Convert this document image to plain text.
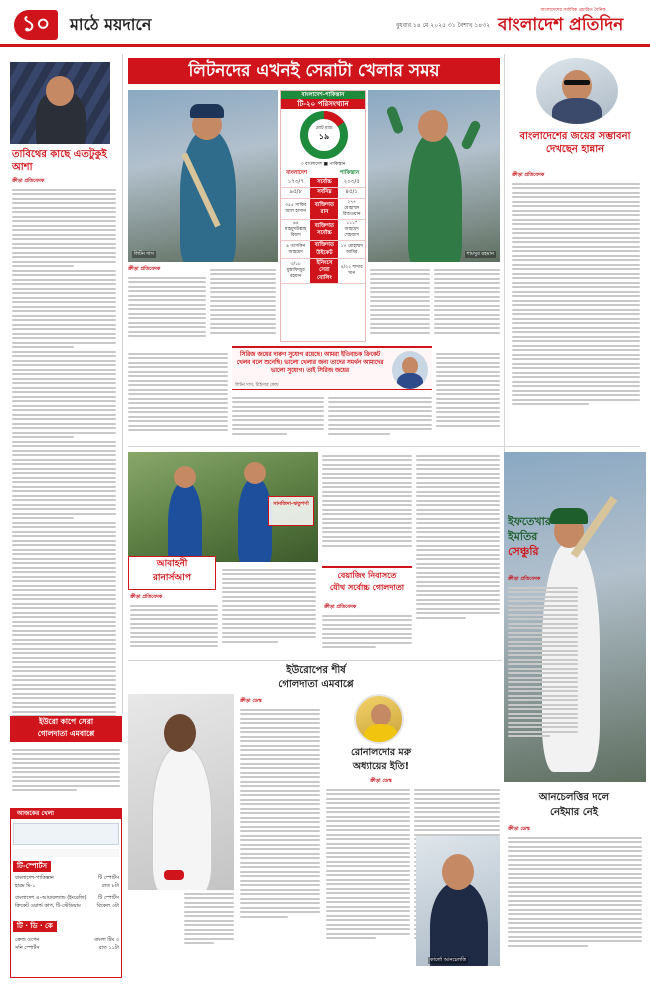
১০	মাঠে ময়দানে	বুধবার ১৪ মে ২০২৫ ৩১ বৈশাখ ১৪৩২
বাংলাদেশের সর্বাধিক প্রচারিত দৈনিক
বাংলাদেশ প্রতিদিন
তাবিথের কাছে এতটুকুই আশা
ক্রীড়া প্রতিবেদক
লিটনদের এখনই সেরাটা খেলার সময়
লিটন দাস
বাংলাদেশ-পাকিস্তান
টি-২০ পরিসংখ্যান
মোট ম্যাচ
১৯
৩ বাংলাদেশ ■ পাকিস্তান
বাংলাদেশ	পাকিস্তান
১৭৩/৭	সর্বোচ্চ	২০৩/৫
৯৫/৮	সর্বনিম্ন	৪৫/১
৩৫৫ সাকিব আল হাসান	ব্যক্তিগত রান	২৭৭ মোহাম্মদ রিজওয়ান
৬৪ মাহমুদউল্লাহ রিয়াদ	ব্যক্তিগত সর্বোচ্চ	১১১* আহমেদ শেহজাদ
৯ তাসকিন আহমেদ	ব্যক্তিগত উইকেট	১০ মোহাম্মদ আমির
৩/১৮ মুস্তাফিজুর রহমান	ইনিংসে সেরা বোলিং	৪/২২ শাদাব খান
শামসুর রহমান
ক্রীড়া প্রতিবেদক
সিরিজ জয়ের দারুণ সুযোগ রয়েছে। আমরা ইতিবাচক ক্রিকেট খেলব বলে শুনেছি। ভালো খেলার জন্য তাদের সমর্থন আমাদের ভালো সুযোগ। তাই সিরিজ জয়ের
লিটন দাস, টাইগার কোচ
বাংলাদেশের জয়ের সম্ভাবনা দেখছেন হান্নান
ক্রীড়া প্রতিবেদক
সানজিদা-ঋতুপর্ণা
আবাহনী
রানার্সআপ
ক্রীড়া প্রতিবেদক
বেয়াজিং নিবাসতে
যৌথ সর্বোচ্চ গোলদাতা
ক্রীড়া প্রতিবেদক
ইফতেখার
ইমতির
সেঞ্চুরি
ক্রীড়া প্রতিবেদক
ইউরোপের শীর্ষ
গোলদাতা এমবাপ্পে
ক্রীড়া ডেস্ক
ইউরো কাপে সেরা
গোলদাতা এমবাপ্পে
আজকের খেলা
টি-স্পোর্টস
বাংলাদেশ-পাকিস্তান	টি স্পোর্টস
হারম মি-১	রাত ৮টা
বাংলাদেশ এ–আয়ারল্যান্ড (ইংরেজি) টি স্পোর্টস
ক্রিকেট ওয়ার্ল্ড কাপ, টি-স্টেডিয়াম	বিকেল ৩টা
টি · ডি · কে
ক্রেজ ওপেন	বাংলা টিম ৩
সনি স্পোর্টস	রাত ১১টা
রোনালদোর মরু
অধ্যায়ের ইতি!
ক্রীড়া ডেস্ক
আনচেলত্তির দলে
নেইমার নেই
কার্লো আনচেলত্তি
ক্রীড়া ডেস্ক
